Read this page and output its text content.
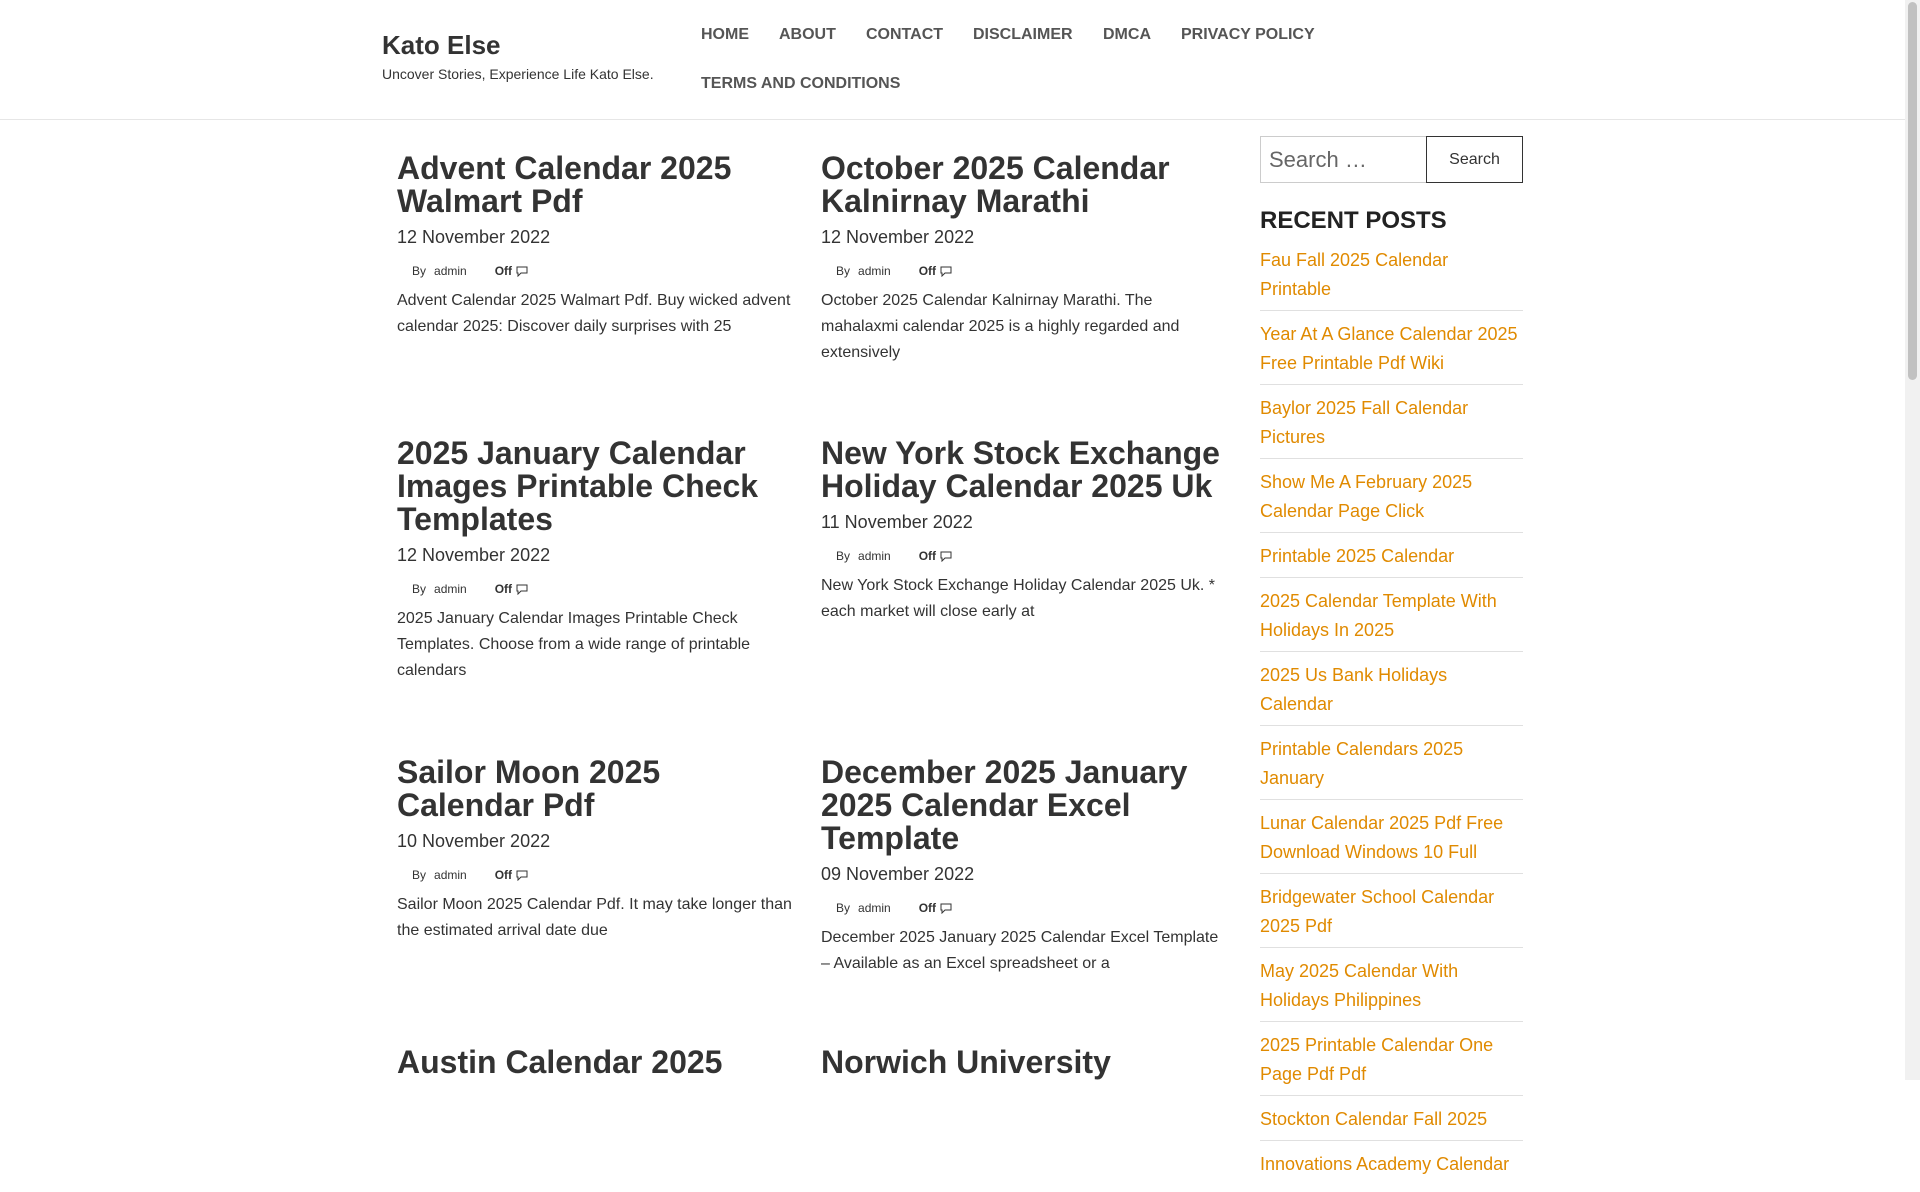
Kato Else
Uncover Stories, Experience Life Kato Else.
HOME ABOUT CONTACT DISCLAIMER DMCA PRIVACY POLICY
TERMS AND CONDITIONS
Advent Calendar 2025 Walmart Pdf
12 November 2022
By admin Off
Advent Calendar 2025 Walmart Pdf. Buy wicked advent calendar 2025: Discover daily surprises with 25
October 2025 Calendar Kalnirnay Marathi
12 November 2022
By admin Off
October 2025 Calendar Kalnirnay Marathi. The mahalaxmi calendar 2025 is a highly regarded and extensively
2025 January Calendar Images Printable Check Templates
12 November 2022
By admin Off
2025 January Calendar Images Printable Check Templates. Choose from a wide range of printable calendars
New York Stock Exchange Holiday Calendar 2025 Uk
11 November 2022
By admin Off
New York Stock Exchange Holiday Calendar 2025 Uk. * each market will close early at
Sailor Moon 2025 Calendar Pdf
10 November 2022
By admin Off
Sailor Moon 2025 Calendar Pdf. It may take longer than the estimated arrival date due
December 2025 January 2025 Calendar Excel Template
09 November 2022
By admin Off
December 2025 January 2025 Calendar Excel Template – Available as an Excel spreadsheet or a
Austin Calendar 2025	Norwich University
Search …
Search
RECENT POSTS
Fau Fall 2025 Calendar Printable
Year At A Glance Calendar 2025 Free Printable Pdf Wiki
Baylor 2025 Fall Calendar Pictures
Show Me A February 2025 Calendar Page Click
Printable 2025 Calendar
2025 Calendar Template With Holidays In 2025
2025 Us Bank Holidays Calendar
Printable Calendars 2025 January
Lunar Calendar 2025 Pdf Free Download Windows 10 Full
Bridgewater School Calendar 2025 Pdf
May 2025 Calendar With Holidays Philippines
2025 Printable Calendar One Page Pdf Pdf
Stockton Calendar Fall 2025
Innovations Academy Calendar
